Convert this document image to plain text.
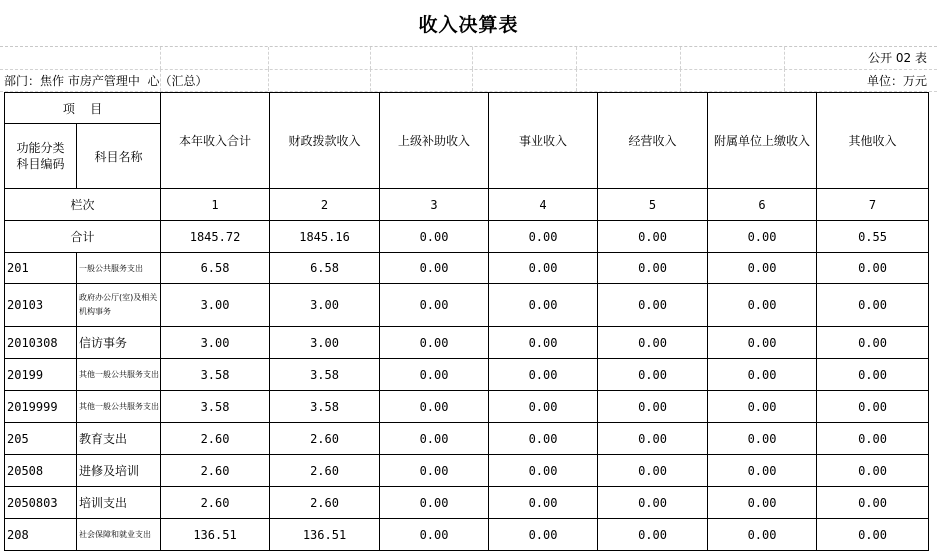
收入决算表
公开 02 表
部门：焦作 市房产管理中  心（汇总）	单位：万元
项    目		本年收入合计	财政拨款收入	上级补助收入	事业收入	经营收入	附属单位上缴收入	其他收入
功能分类科目编码	科目名称							
栏次		1	2	3	4	5	6	7
合计		1845.72	1845.16	0.00	0.00	0.00	0.00	0.55
201	一般公共服务支出	6.58	6.58	0.00	0.00	0.00	0.00	0.00
20103	政府办公厅(室)及相关机构事务	3.00	3.00	0.00	0.00	0.00	0.00	0.00
2010308	信访事务	3.00	3.00	0.00	0.00	0.00	0.00	0.00
20199	其他一般公共服务支出	3.58	3.58	0.00	0.00	0.00	0.00	0.00
2019999	其他一般公共服务支出	3.58	3.58	0.00	0.00	0.00	0.00	0.00
205	教育支出	2.60	2.60	0.00	0.00	0.00	0.00	0.00
20508	进修及培训	2.60	2.60	0.00	0.00	0.00	0.00	0.00
2050803	培训支出	2.60	2.60	0.00	0.00	0.00	0.00	0.00
208	社会保障和就业支出	136.51	136.51	0.00	0.00	0.00	0.00	0.00
